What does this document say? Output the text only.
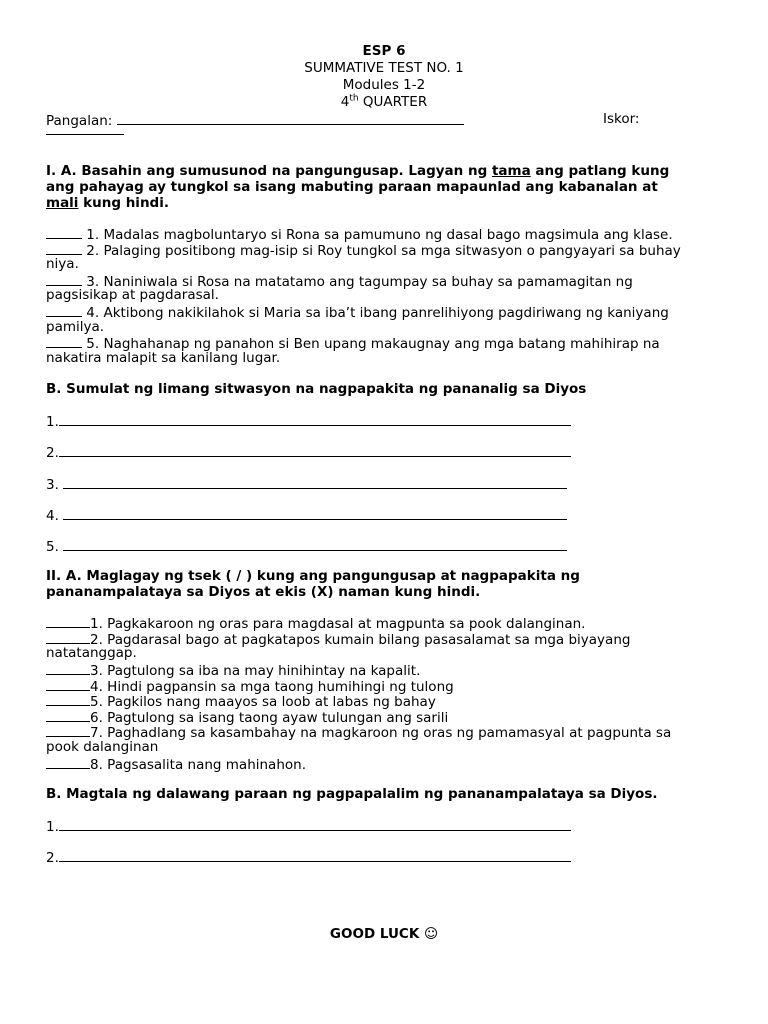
ESP 6
SUMMATIVE TEST NO. 1
Modules 1-2
4th QUARTER
Pangalan:	Iskor:
I. A. Basahin ang sumusunod na pangungusap. Lagyan ng tama ang patlang kung
ang pahayag ay tungkol sa isang mabuting paraan mapaunlad ang kabanalan at
mali kung hindi.
1. Madalas magboluntaryo si Rona sa pamumuno ng dasal bago magsimula ang klase.
2. Palaging positibong mag-isip si Roy tungkol sa mga sitwasyon o pangyayari sa buhay
niya.
3. Naniniwala si Rosa na matatamo ang tagumpay sa buhay sa pamamagitan ng
pagsisikap at pagdarasal.
4. Aktibong nakikilahok si Maria sa iba’t ibang panrelihiyong pagdiriwang ng kaniyang
pamilya.
5. Naghahanap ng panahon si Ben upang makaugnay ang mga batang mahihirap na
nakatira malapit sa kanilang lugar.
B. Sumulat ng limang sitwasyon na nagpapakita ng pananalig sa Diyos
1.
2.
3.
4.
5.
II. A. Maglagay ng tsek ( / ) kung ang pangungusap at nagpapakita ng
pananampalataya sa Diyos at ekis (X) naman kung hindi.
1. Pagkakaroon ng oras para magdasal at magpunta sa pook dalanginan.
2. Pagdarasal bago at pagkatapos kumain bilang pasasalamat sa mga biyayang
natatanggap.
3. Pagtulong sa iba na may hinihintay na kapalit.
4. Hindi pagpansin sa mga taong humihingi ng tulong
5. Pagkilos nang maayos sa loob at labas ng bahay
6. Pagtulong sa isang taong ayaw tulungan ang sarili
7. Paghadlang sa kasambahay na magkaroon ng oras ng pamamasyal at pagpunta sa
pook dalanginan
8. Pagsasalita nang mahinahon.
B. Magtala ng dalawang paraan ng pagpapalalim ng pananampalataya sa Diyos.
1.
2.
GOOD LUCK ☺
